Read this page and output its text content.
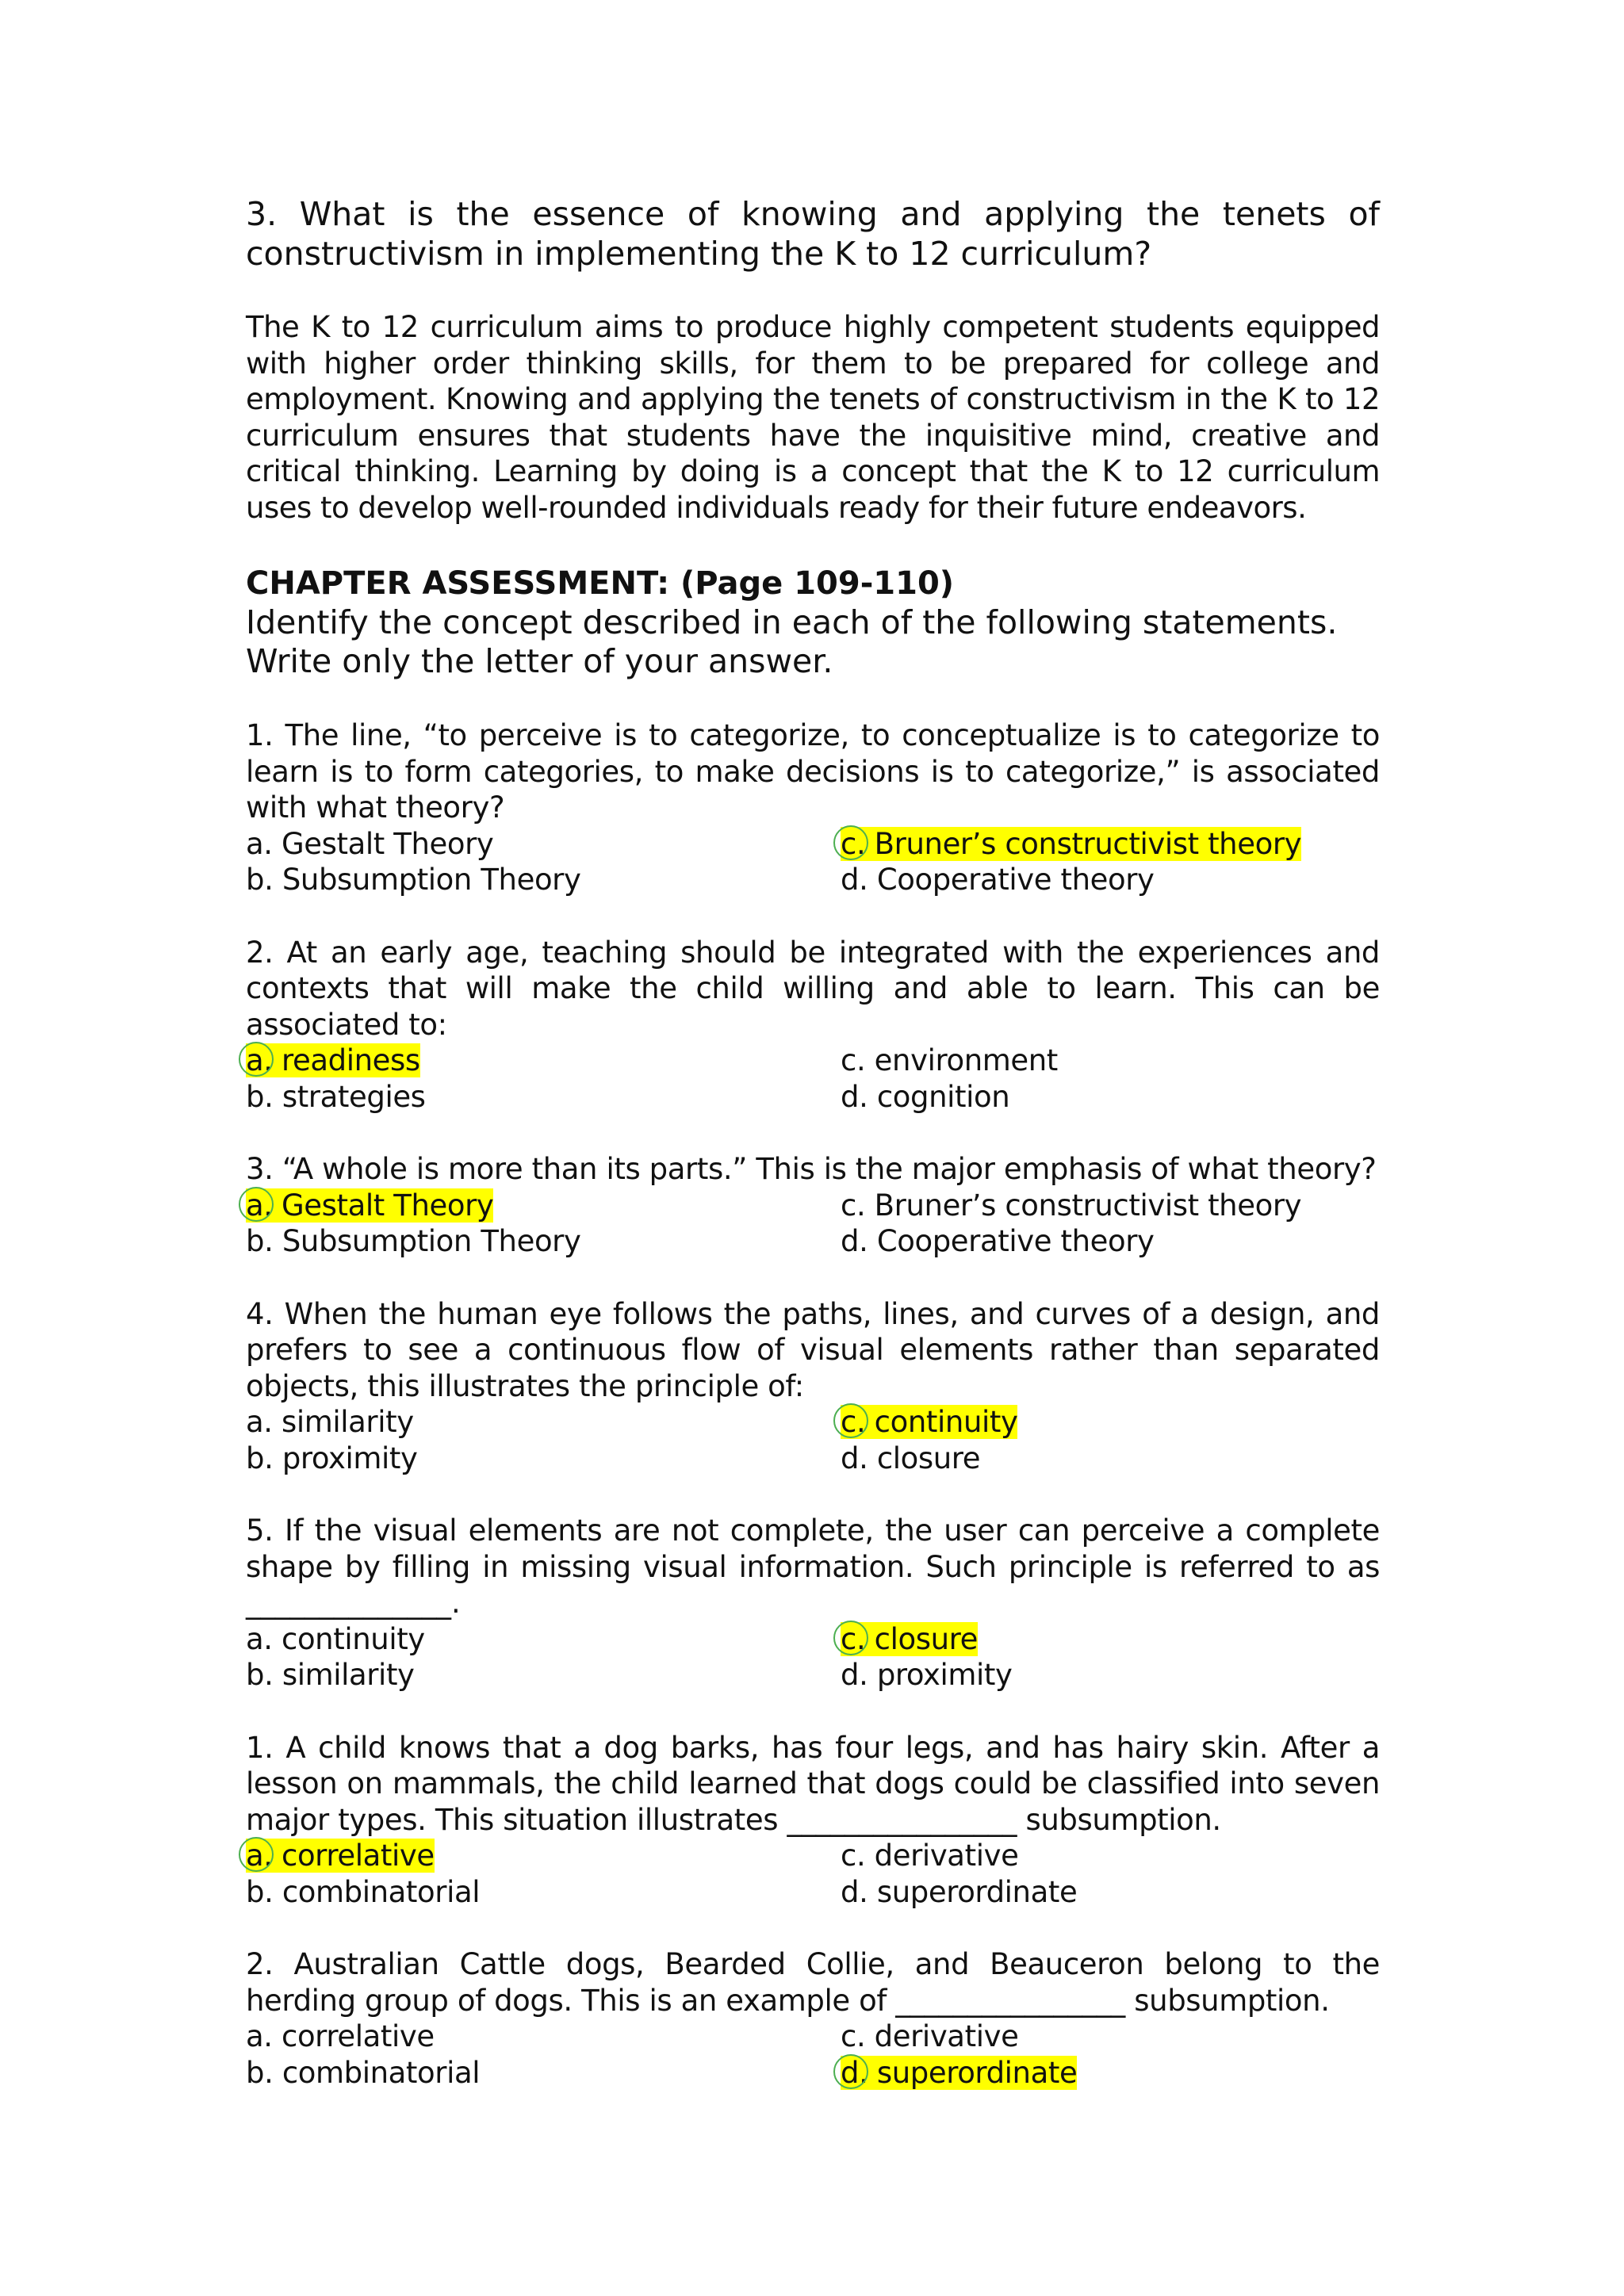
3. What is the essence of knowing and applying the tenets of constructivism in implementing the K to 12 curriculum?

The K to 12 curriculum aims to produce highly competent students equipped with higher order thinking skills, for them to be prepared for college and employment. Knowing and applying the tenets of constructivism in the K to 12 curriculum ensures that students have the inquisitive mind, creative and critical thinking. Learning by doing is a concept that the K to 12 curriculum uses to develop well-rounded individuals ready for their future endeavors.

CHAPTER ASSESSMENT: (Page 109-110)

Identify the concept described in each of the following statements. Write only the letter of your answer.

1. The line, “to perceive is to categorize, to conceptualize is to categorize to learn is to form categories, to make decisions is to categorize,” is associated with what theory?

a. Gestalt Theory	c. Bruner’s constructivist theory
b. Subsumption Theory	d. Cooperative theory

2. At an early age, teaching should be integrated with the experiences and contexts that will make the child willing and able to learn. This can be associated to:

a. readiness	c. environment
b. strategies	d. cognition

3. “A whole is more than its parts.” This is the major emphasis of what theory?

a. Gestalt Theory	c. Bruner’s constructivist theory
b. Subsumption Theory	d. Cooperative theory

4. When the human eye follows the paths, lines, and curves of a design, and prefers to see a continuous flow of visual elements rather than separated objects, this illustrates the principle of:

a. similarity	c. continuity
b. proximity	d. closure

5. If the visual elements are not complete, the user can perceive a complete shape by filling in missing visual information. Such principle is referred to as

______________.

a. continuity	c. closure
b. similarity	d. proximity

1. A child knows that a dog barks, has four legs, and has hairy skin. After a lesson on mammals, the child learned that dogs could be classified into seven major types. This situation illustrates ________________ subsumption.

a. correlative	c. derivative
b. combinatorial	d. superordinate

2. Australian Cattle dogs, Bearded Collie, and Beauceron belong to the herding group of dogs. This is an example of ________________ subsumption.

a. correlative	c. derivative
b. combinatorial	d. superordinate
